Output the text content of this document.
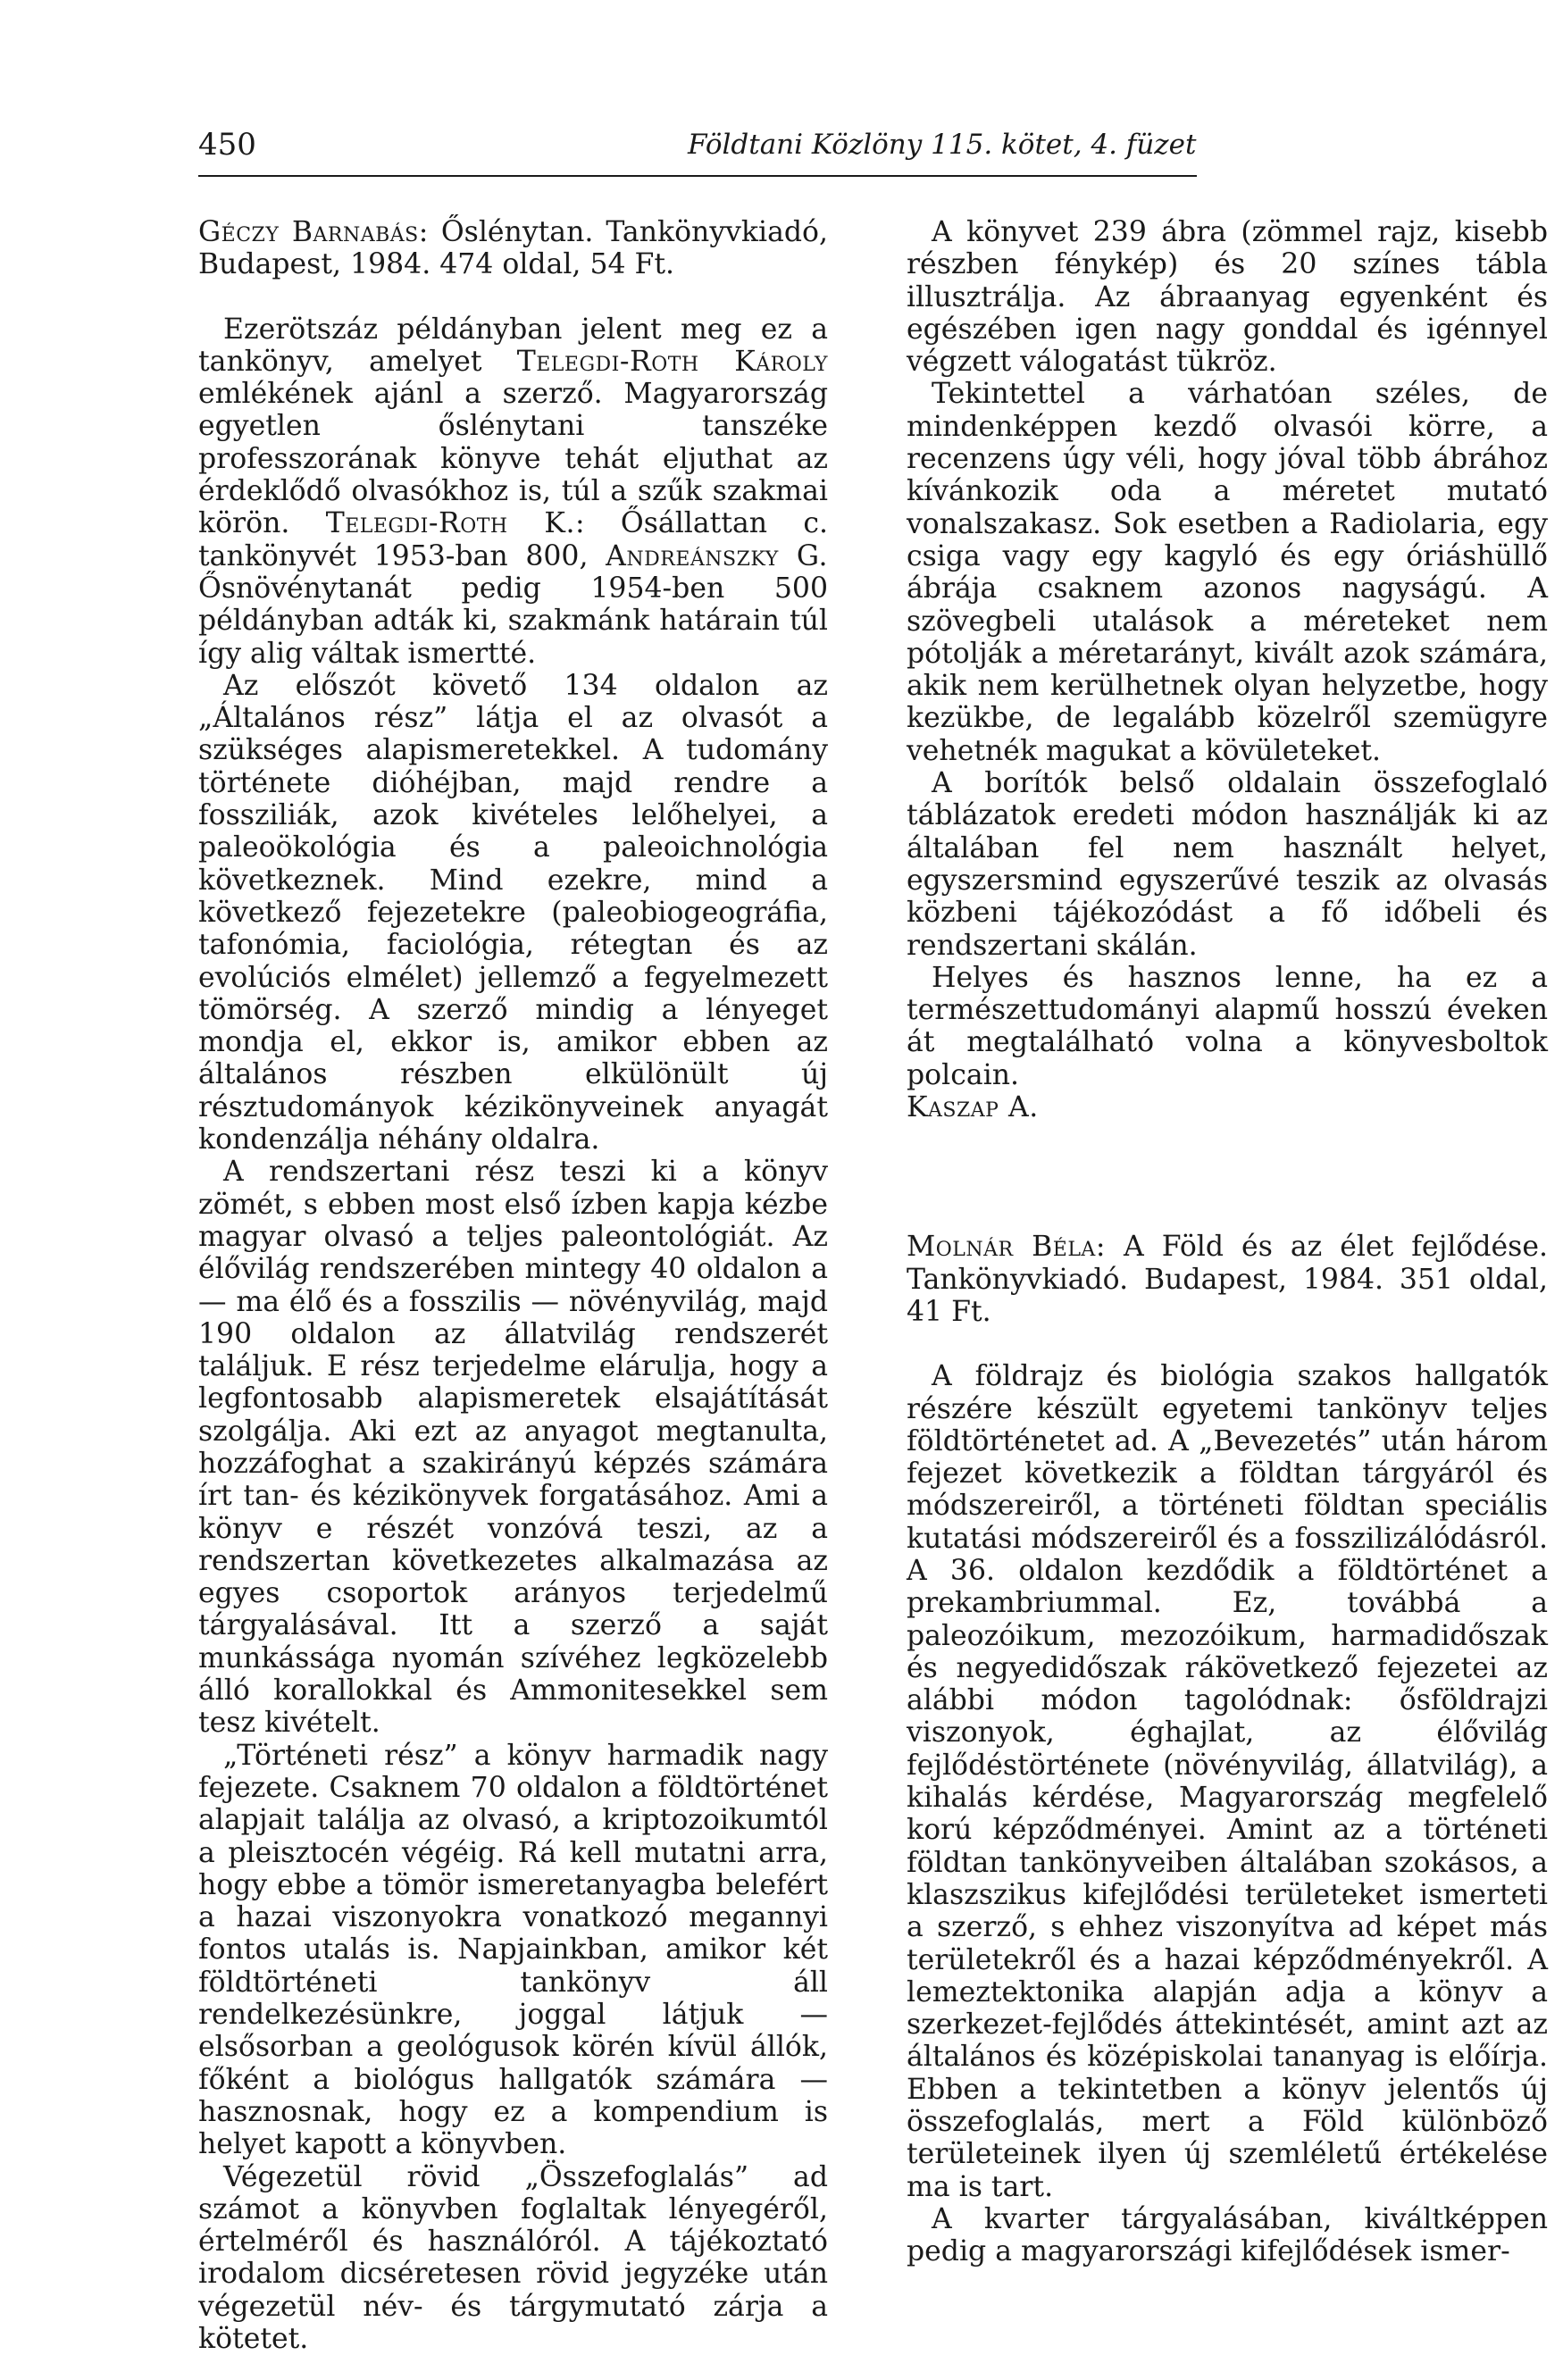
450	Földtani Közlöny 115. kötet, 4. füzet

Géczy Barnabás: Őslénytan. Tankönyvkiadó, Budapest, 1984. 474 oldal, 54 Ft.

Ezerötszáz példányban jelent meg ez a tankönyv, amelyet Telegdi-Roth Károly emlékének ajánl a szerző. Magyarország egyetlen őslénytani tanszéke professzorának könyve tehát eljuthat az érdeklődő olvasókhoz is, túl a szűk szakmai körön. Telegdi-Roth K.: Ősállattan c. tankönyvét 1953-ban 800, Andreánszky G. Ősnövénytanát pedig 1954-ben 500 példányban adták ki, szakmánk határain túl így alig váltak ismertté.

Az előszót követő 134 oldalon az „Általános rész” látja el az olvasót a szükséges alapismeretekkel. A tudomány története dióhéjban, majd rendre a fossziliák, azok kivételes lelőhelyei, a paleoökológia és a paleoichnológia következnek. Mind ezekre, mind a következő fejezetekre (paleobiogeográfia, tafonómia, faciológia, rétegtan és az evolúciós elmélet) jellemző a fegyelmezett tömörség. A szerző mindig a lényeget mondja el, ekkor is, amikor ebben az általános részben elkülönült új résztudományok kézikönyveinek anyagát kondenzálja néhány oldalra.

A rendszertani rész teszi ki a könyv zömét, s ebben most első ízben kapja kézbe magyar olvasó a teljes paleontológiát. Az élővilág rendszerében mintegy 40 oldalon a — ma élő és a fosszilis — növényvilág, majd 190 oldalon az állatvilág rendszerét találjuk. E rész terjedelme elárulja, hogy a legfontosabb alapismeretek elsajátítását szolgálja. Aki ezt az anyagot megtanulta, hozzáfoghat a szakirányú képzés számára írt tan- és kézikönyvek forgatásához. Ami a könyv e részét vonzóvá teszi, az a rendszertan következetes alkalmazása az egyes csoportok arányos terjedelmű tárgyalásával. Itt a szerző a saját munkássága nyomán szívéhez legközelebb álló korallokkal és Ammonitesekkel sem tesz kivételt.

„Történeti rész” a könyv harmadik nagy fejezete. Csaknem 70 oldalon a földtörténet alapjait találja az olvasó, a kriptozoikumtól a pleisztocén végéig. Rá kell mutatni arra, hogy ebbe a tömör ismeretanyagba belefért a hazai viszonyokra vonatkozó megannyi fontos utalás is. Napjainkban, amikor két földtörténeti tankönyv áll rendelkezésünkre, joggal látjuk — elsősorban a geológusok körén kívül állók, főként a biológus hallgatók számára — hasznosnak, hogy ez a kompendium is helyet kapott a könyvben.

Végezetül rövid „Összefoglalás” ad számot a könyvben foglaltak lényegéről, értelméről és használóról. A tájékoztató irodalom dicséretesen rövid jegyzéke után végezetül név- és tárgymutató zárja a kötetet.

A könyvet 239 ábra (zömmel rajz, kisebb részben fénykép) és 20 színes tábla illusztrálja. Az ábraanyag egyenként és egészében igen nagy gonddal és igénnyel végzett válogatást tükröz.

Tekintettel a várhatóan széles, de mindenképpen kezdő olvasói körre, a recenzens úgy véli, hogy jóval több ábrához kívánkozik oda a méretet mutató vonalszakasz. Sok esetben a Radiolaria, egy csiga vagy egy kagyló és egy óriáshüllő ábrája csaknem azonos nagyságú. A szövegbeli utalások a méreteket nem pótolják a méretarányt, kivált azok számára, akik nem kerülhetnek olyan helyzetbe, hogy kezükbe, de legalább közelről szemügyre vehetnék magukat a kövületeket.

A borítók belső oldalain összefoglaló táblázatok eredeti módon használják ki az általában fel nem használt helyet, egyszersmind egyszerűvé teszik az olvasás közbeni tájékozódást a fő időbeli és rendszertani skálán.

Helyes és hasznos lenne, ha ez a természettudományi alapmű hosszú éveken át megtalálható volna a könyvesboltok polcain.

Kaszap A.

Molnár Béla: A Föld és az élet fejlődése. Tankönyvkiadó. Budapest, 1984. 351 oldal, 41 Ft.

A földrajz és biológia szakos hallgatók részére készült egyetemi tankönyv teljes földtörténetet ad. A „Bevezetés” után három fejezet következik a földtan tárgyáról és módszereiről, a történeti földtan speciális kutatási módszereiről és a fosszilizálódásról. A 36. oldalon kezdődik a földtörténet a prekambriummal. Ez, továbbá a paleozóikum, mezozóikum, harmadidőszak és negyedidőszak rákövetkező fejezetei az alábbi módon tagolódnak: ősföldrajzi viszonyok, éghajlat, az élővilág fejlődéstörténete (növényvilág, állatvilág), a kihalás kérdése, Magyarország megfelelő korú képződményei. Amint az a történeti földtan tankönyveiben általában szokásos, a klaszszikus kifejlődési területeket ismerteti a szerző, s ehhez viszonyítva ad képet más területekről és a hazai képződményekről. A lemeztektonika alapján adja a könyv a szerkezet-fejlődés áttekintését, amint azt az általános és középiskolai tananyag is előírja. Ebben a tekintetben a könyv jelentős új összefoglalás, mert a Föld különböző területeinek ilyen új szemléletű értékelése ma is tart.

A kvarter tárgyalásában, kiváltképpen pedig a magyarországi kifejlődések ismer-
